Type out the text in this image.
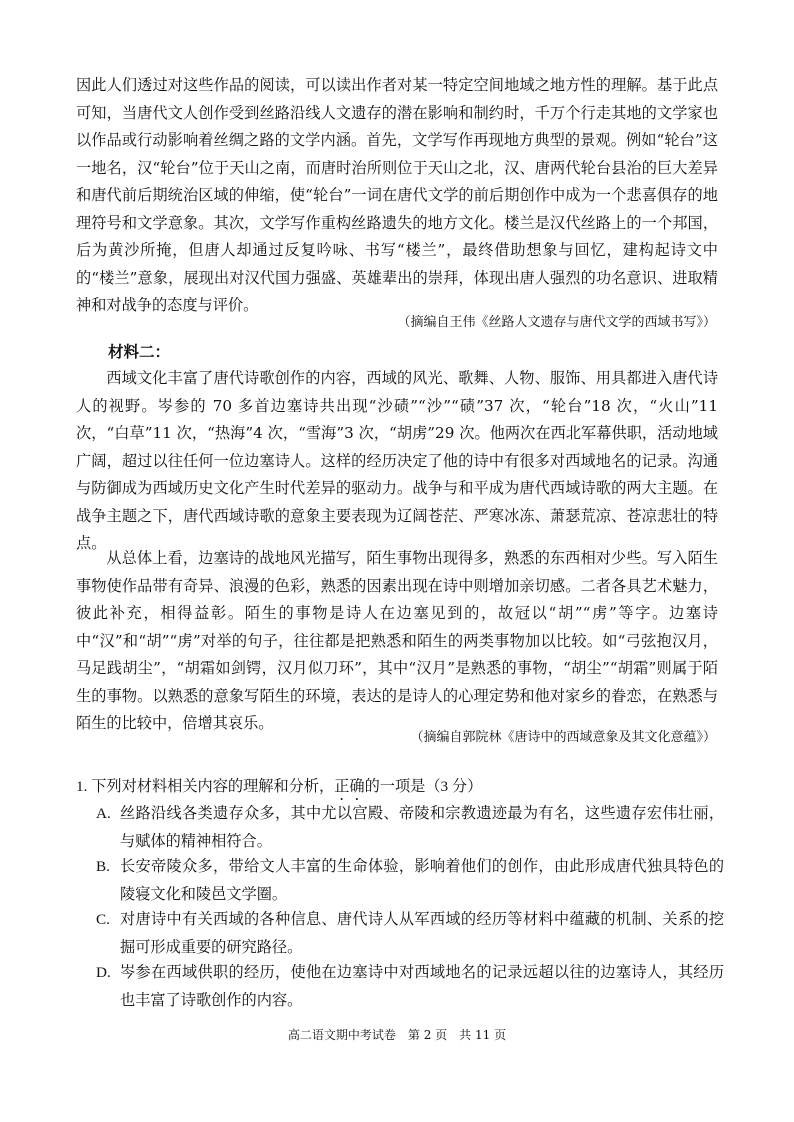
因此人们透过对这些作品的阅读，可以读出作者对某一特定空间地域之地方性的理解。基于此点可知，当唐代文人创作受到丝路沿线人文遗存的潜在影响和制约时，千万个行走其地的文学家也以作品或行动影响着丝绸之路的文学内涵。首先，文学写作再现地方典型的景观。例如“轮台”这一地名，汉“轮台”位于天山之南，而唐时治所则位于天山之北，汉、唐两代轮台县治的巨大差异和唐代前后期统治区域的伸缩，使“轮台”一词在唐代文学的前后期创作中成为一个悲喜俱存的地理符号和文学意象。其次，文学写作重构丝路遗失的地方文化。楼兰是汉代丝路上的一个邦国，后为黄沙所掩，但唐人却通过反复吟咏、书写“楼兰”，最终借助想象与回忆，建构起诗文中的“楼兰”意象，展现出对汉代国力强盛、英雄辈出的崇拜，体现出唐人强烈的功名意识、进取精神和对战争的态度与评价。

（摘编自王伟《丝路人文遗存与唐代文学的西域书写》）

材料二：

西域文化丰富了唐代诗歌创作的内容，西域的风光、歌舞、人物、服饰、用具都进入唐代诗人的视野。岑参的 70 多首边塞诗共出现“沙碛”“沙”“碛”37 次，“轮台”18 次，“火山”11 次，“白草”11 次，“热海”4 次，“雪海”3 次，“胡虏”29 次。他两次在西北军幕供职，活动地域广阔，超过以往任何一位边塞诗人。这样的经历决定了他的诗中有很多对西域地名的记录。沟通与防御成为西域历史文化产生时代差异的驱动力。战争与和平成为唐代西域诗歌的两大主题。在战争主题之下，唐代西域诗歌的意象主要表现为辽阔苍茫、严寒冰冻、萧瑟荒凉、苍凉悲壮的特点。

从总体上看，边塞诗的战地风光描写，陌生事物出现得多，熟悉的东西相对少些。写入陌生事物使作品带有奇异、浪漫的色彩，熟悉的因素出现在诗中则增加亲切感。二者各具艺术魅力，彼此补充，相得益彰。陌生的事物是诗人在边塞见到的，故冠以“胡”“虏”等字。边塞诗中“汉”和“胡”“虏”对举的句子，往往都是把熟悉和陌生的两类事物加以比较。如“弓弦抱汉月，马足践胡尘”，“胡霜如剑锷，汉月似刀环”，其中“汉月”是熟悉的事物，“胡尘”“胡霜”则属于陌生的事物。以熟悉的意象写陌生的环境，表达的是诗人的心理定势和他对家乡的眷恋，在熟悉与陌生的比较中，倍增其哀乐。

（摘编自郭院林《唐诗中的西域意象及其文化意蕴》）

1. 下列对材料相关内容的理解和分析，正确的一项是（3 分）

A. 丝路沿线各类遗存众多，其中尤以宫殿、帝陵和宗教遗迹最为有名，这些遗存宏伟壮丽，与赋体的精神相符合。
B. 长安帝陵众多，带给文人丰富的生命体验，影响着他们的创作，由此形成唐代独具特色的陵寝文化和陵邑文学圈。
C. 对唐诗中有关西域的各种信息、唐代诗人从军西域的经历等材料中蕴藏的机制、关系的挖掘可形成重要的研究路径。
D. 岑参在西域供职的经历，使他在边塞诗中对西域地名的记录远超以往的边塞诗人，其经历也丰富了诗歌创作的内容。

高二语文期中考试卷　第 2 页　共 11 页
